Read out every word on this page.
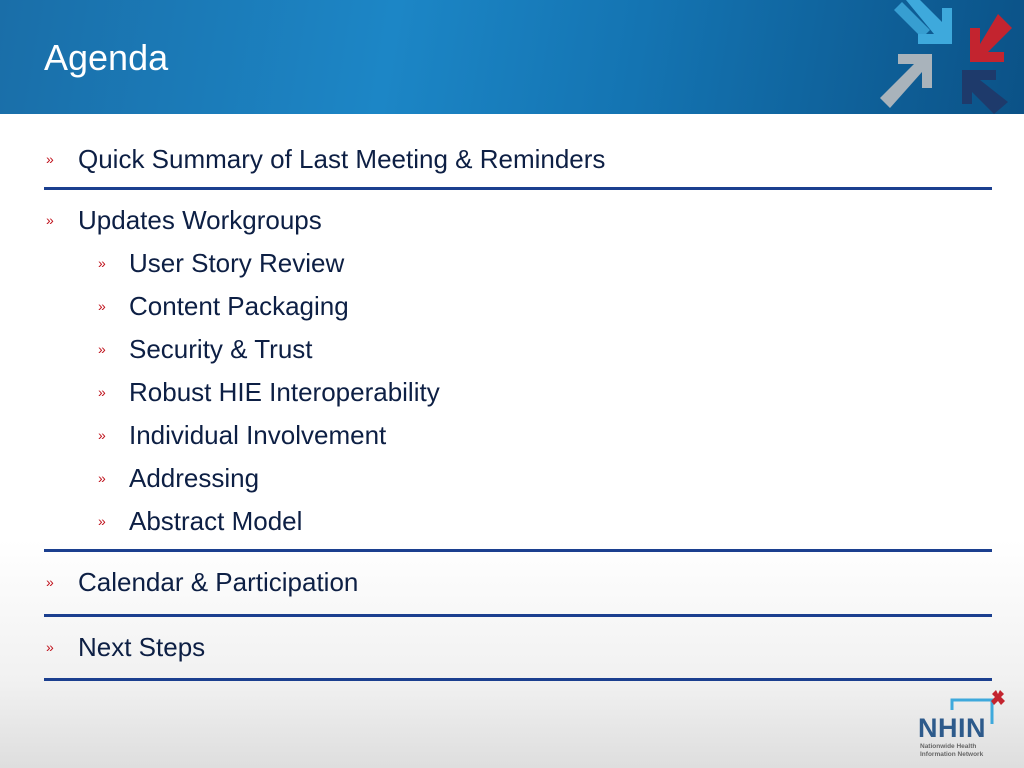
Agenda
» Quick Summary of Last Meeting & Reminders
» Updates Workgroups
» User Story Review
» Content Packaging
» Security & Trust
» Robust HIE Interoperability
» Individual Involvement
» Addressing
» Abstract Model
» Calendar & Participation
» Next Steps
NHIN
Nationwide Health
Information Network
